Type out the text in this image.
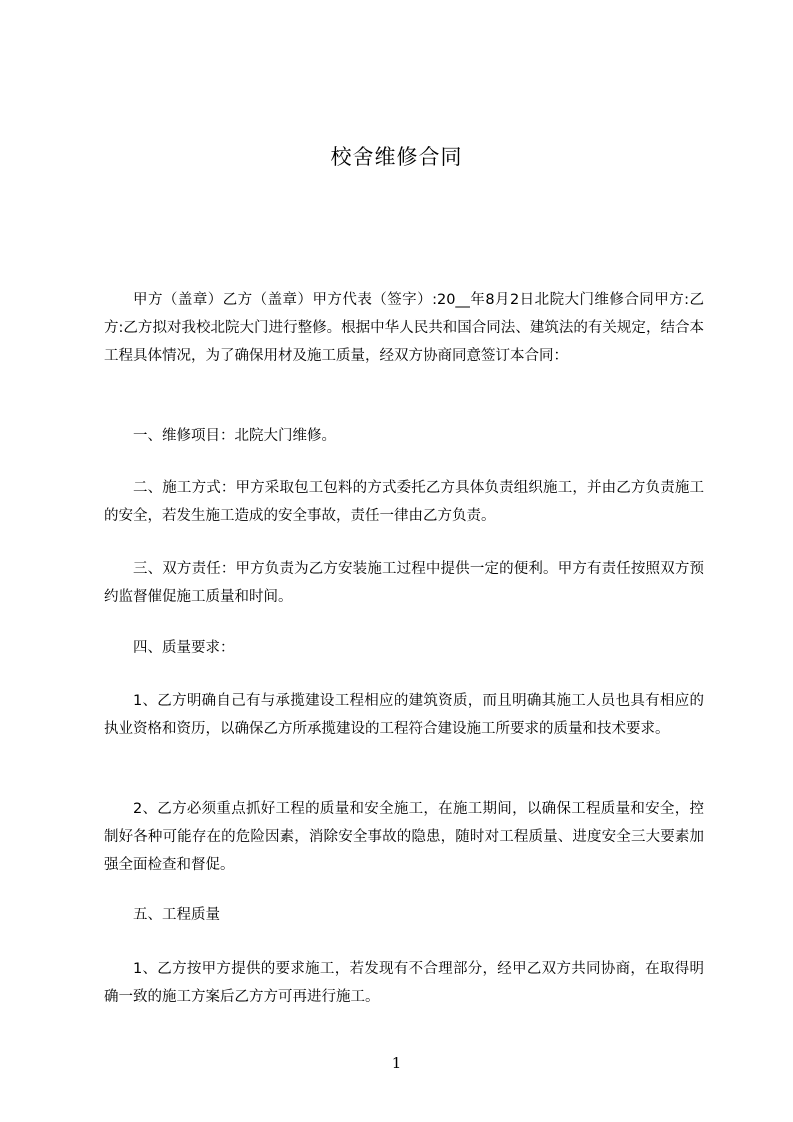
校舍维修合同

甲方（盖章）乙方（盖章）甲方代表（签字）:20__年8月2日北院大门维修合同甲方:乙方:乙方拟对我校北院大门进行整修。根据中华人民共和国合同法、建筑法的有关规定，结合本工程具体情况，为了确保用材及施工质量，经双方协商同意签订本合同：

一、维修项目：北院大门维修。

二、施工方式：甲方采取包工包料的方式委托乙方具体负责组织施工，并由乙方负责施工的安全，若发生施工造成的安全事故，责任一律由乙方负责。

三、双方责任：甲方负责为乙方安装施工过程中提供一定的便利。甲方有责任按照双方预约监督催促施工质量和时间。

四、质量要求：

1、乙方明确自己有与承揽建设工程相应的建筑资质，而且明确其施工人员也具有相应的执业资格和资历，以确保乙方所承揽建设的工程符合建设施工所要求的质量和技术要求。

2、乙方必须重点抓好工程的质量和安全施工，在施工期间，以确保工程质量和安全，控制好各种可能存在的危险因素，消除安全事故的隐患，随时对工程质量、进度安全三大要素加强全面检查和督促。

五、工程质量

1、乙方按甲方提供的要求施工，若发现有不合理部分，经甲乙双方共同协商，在取得明确一致的施工方案后乙方方可再进行施工。

1
